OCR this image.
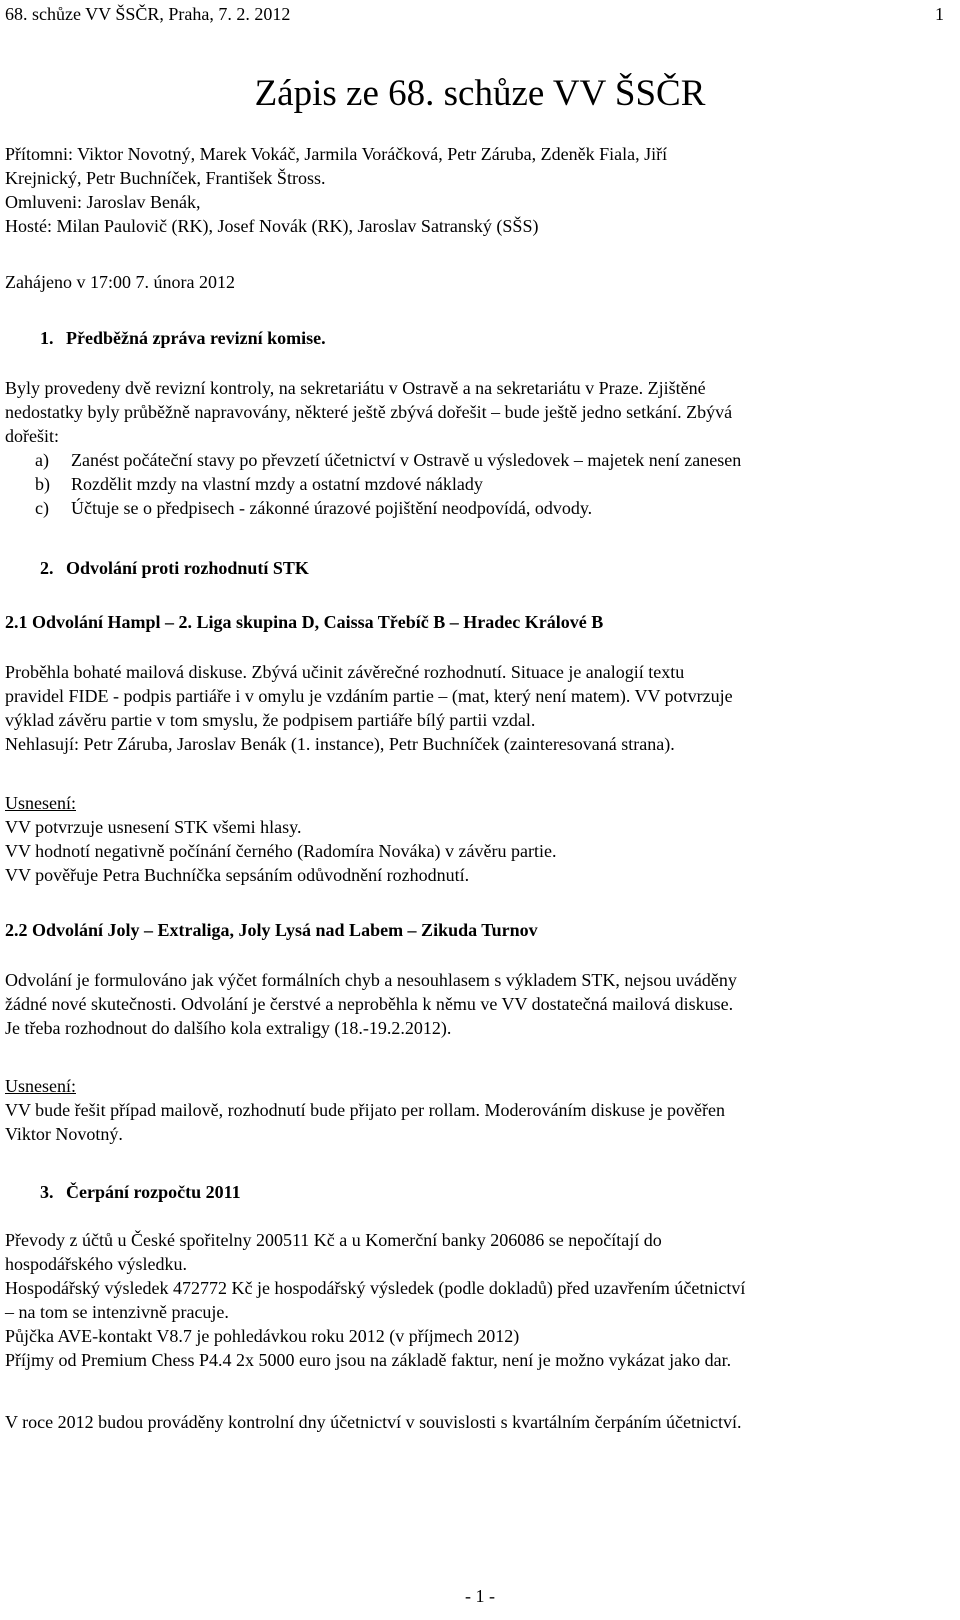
68. schůze VV ŠSČR, Praha, 7. 2. 2012	1
Zápis ze 68. schůze VV ŠSČR
Přítomni: Viktor Novotný, Marek Vokáč, Jarmila Voráčková, Petr Záruba, Zdeněk Fiala, Jiří
Krejnický, Petr Buchníček, František Štross.
Omluveni: Jaroslav Benák,
Hosté: Milan Paulovič (RK), Josef Novák (RK), Jaroslav Satranský (SŠS)
Zahájeno v 17:00 7. února 2012
1. Předběžná zpráva revizní komise.
Byly provedeny dvě revizní kontroly, na sekretariátu v Ostravě a na sekretariátu v Praze. Zjištěné
nedostatky byly průběžně napravovány, některé ještě zbývá dořešit – bude ještě jedno setkání. Zbývá
dořešit:
a) Zanést počáteční stavy po převzetí účetnictví v Ostravě u výsledovek – majetek není zanesen
b) Rozdělit mzdy na vlastní mzdy a ostatní mzdové náklady
c) Účtuje se o předpisech - zákonné úrazové pojištění neodpovídá, odvody.
2. Odvolání proti rozhodnutí STK
2.1 Odvolání Hampl – 2. Liga skupina D, Caissa Třebíč B – Hradec Králové B
Proběhla bohaté mailová diskuse. Zbývá učinit závěrečné rozhodnutí. Situace je analogií textu
pravidel FIDE - podpis partiáře i v omylu je vzdáním partie – (mat, který není matem). VV potvrzuje
výklad závěru partie v tom smyslu, že podpisem partiáře bílý partii vzdal.
Nehlasují: Petr Záruba, Jaroslav Benák (1. instance), Petr Buchníček (zainteresovaná strana).
Usnesení:
VV potvrzuje usnesení STK všemi hlasy.
VV hodnotí negativně počínání černého (Radomíra Nováka) v závěru partie.
VV pověřuje Petra Buchníčka sepsáním odůvodnění rozhodnutí.
2.2 Odvolání Joly – Extraliga, Joly Lysá nad Labem – Zikuda Turnov
Odvolání je formulováno jak výčet formálních chyb a nesouhlasem s výkladem STK, nejsou uváděny
žádné nové skutečnosti. Odvolání je čerstvé a neproběhla k němu ve VV dostatečná mailová diskuse.
Je třeba rozhodnout do dalšího kola extraligy (18.-19.2.2012).
Usnesení:
VV bude řešit případ mailově, rozhodnutí bude přijato per rollam. Moderováním diskuse je pověřen
Viktor Novotný.
3. Čerpání rozpočtu 2011
Převody z účtů u České spořitelny 200511 Kč a u Komerční banky 206086 se nepočítají do
hospodářského výsledku.
Hospodářský výsledek 472772 Kč je hospodářský výsledek (podle dokladů) před uzavřením účetnictví
– na tom se intenzivně pracuje.
Půjčka AVE-kontakt V8.7 je pohledávkou roku 2012 (v příjmech 2012)
Příjmy od Premium Chess P4.4 2x 5000 euro jsou na základě faktur, není je možno vykázat jako dar.
V roce 2012 budou prováděny kontrolní dny účetnictví v souvislosti s kvartálním čerpáním účetnictví.
- 1 -
